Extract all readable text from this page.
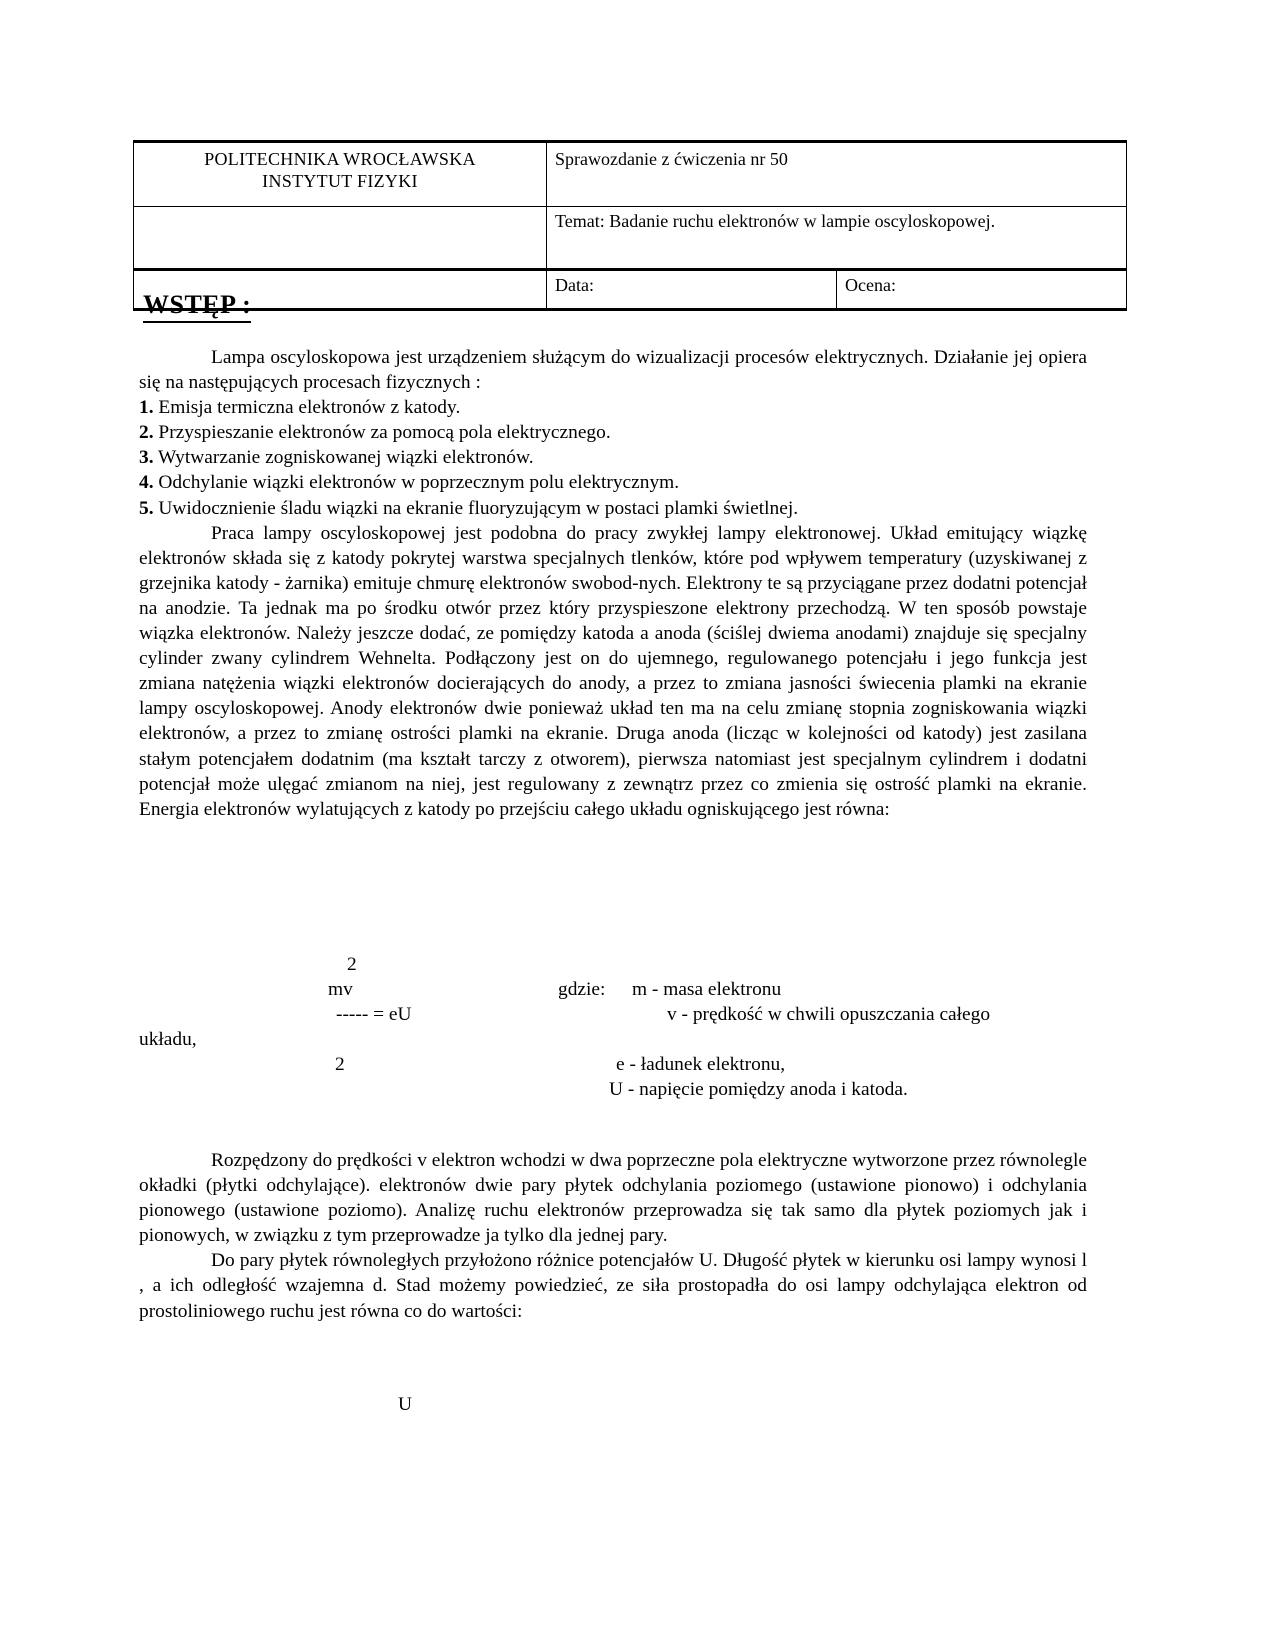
POLITECHNIKA WROCŁAWSKA
INSTYTUT FIZYKI	Sprawozdanie z ćwiczenia nr 50	
	Temat: Badanie ruchu elektronów w lampie oscyloskopowej.	
	Data:	Ocena:
WSTĘP :

Lampa oscyloskopowa jest urządzeniem służącym do wizualizacji procesów elektrycznych. Działanie jej opiera się na następujących procesach fizycznych :

1. Emisja termiczna elektronów z katody.

2. Przyspieszanie elektronów za pomocą pola elektrycznego.

3. Wytwarzanie zogniskowanej wiązki elektronów.

4. Odchylanie wiązki elektronów w poprzecznym polu elektrycznym.

5. Uwidocznienie śladu wiązki na ekranie fluoryzującym w postaci plamki świetlnej.

Praca lampy oscyloskopowej jest podobna do pracy zwykłej lampy elektronowej. Układ emitujący wiązkę elektronów składa się z katody pokrytej warstwa specjalnych tlenków, które pod wpływem temperatury (uzyskiwanej z grzejnika katody - żarnika) emituje chmurę elektronów swobod-nych. Elektrony te są przyciągane przez dodatni potencjał na anodzie. Ta jednak ma po środku otwór przez który przyspieszone elektrony przechodzą. W ten sposób powstaje wiązka elektronów. Należy jeszcze dodać, ze pomiędzy katoda a anoda (ściślej dwiema anodami) znajduje się specjalny cylinder zwany cylindrem Wehnelta. Podłączony jest on do ujemnego, regulowanego potencjału i jego funkcja jest zmiana natężenia wiązki elektronów docierających do anody, a przez to zmiana jasności świecenia plamki na ekranie lampy oscyloskopowej. Anody elektronów dwie ponieważ układ ten ma na celu zmianę stopnia zogniskowania wiązki elektronów, a przez to zmianę ostrości plamki na ekranie. Druga anoda (licząc w kolejności od katody) jest zasilana stałym potencjałem dodatnim (ma kształt tarczy z otworem), pierwsza natomiast jest specjalnym cylindrem i dodatni potencjał może ulęgać zmianom na niej, jest regulowany z zewnątrz przez co zmienia się ostrość plamki na ekranie. Energia elektronów wylatujących z katody po przejściu całego układu ogniskującego jest równa:

2
mv	gdzie: m - masa elektronu
----- = eU	v - prędkość w chwili opuszczania całego
układu,
2	e - ładunek elektronu,
U - napięcie pomiędzy anoda i katoda.

Rozpędzony do prędkości v elektron wchodzi w dwa poprzeczne pola elektryczne wytworzone przez równolegle okładki (płytki odchylające). elektronów dwie pary płytek odchylania poziomego (ustawione pionowo) i odchylania pionowego (ustawione poziomo). Analizę ruchu elektronów przeprowadza się tak samo dla płytek poziomych jak i pionowych, w związku z tym przeprowadze ja tylko dla jednej pary.

Do pary płytek równoległych przyłożono różnice potencjałów U. Długość płytek w kierunku osi lampy wynosi l , a ich odległość wzajemna d. Stad możemy powiedzieć, ze siła prostopadła do osi lampy odchylająca elektron od prostoliniowego ruchu jest równa co do wartości:

U
